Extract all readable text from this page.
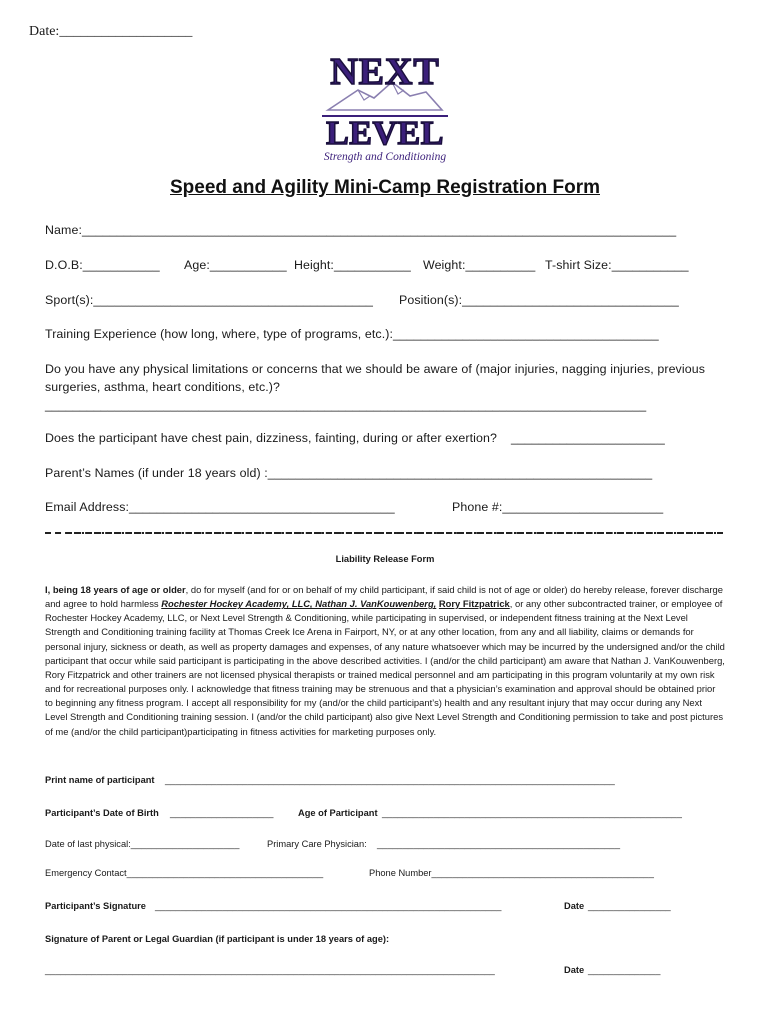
Date:___________________
NEXT
LEVEL
Strength and Conditioning
Speed and Agility Mini-Camp Registration Form
Name:_____________________________________________________________________________________
D.O.B:___________ Age:___________ Height:___________ Weight:__________ T-shirt Size:___________
Sport(s):________________________________________ Position(s):_______________________________
Training Experience (how long, where, type of programs, etc.):______________________________________
Do you have any physical limitations or concerns that we should be aware of (major injuries, nagging injuries, previous
surgeries, asthma, heart conditions, etc.)?
______________________________________________________________________________________
Does the participant have chest pain, dizziness, fainting, during or after exertion? ______________________
Parent’s Names (if under 18 years old) :_______________________________________________________
Email Address:______________________________________	Phone #:_______________________
Liability Release Form
I, being 18 years of age or older, do for myself (and for or on behalf of my child participant, if said child is not of age or older) do hereby release, forever discharge and agree to hold harmless Rochester Hockey Academy, LLC, Nathan J. VanKouwenberg, Rory Fitzpatrick, or any other subcontracted trainer, or employee of Rochester Hockey Academy, LLC, or Next Level Strength & Conditioning, while participating in supervised, or independent fitness training at the Next Level Strength and Conditioning training facility at Thomas Creek Ice Arena in Fairport, NY, or at any other location, from any and all liability, claims or demands for personal injury, sickness or death, as well as property damages and expenses, of any nature whatsoever which may be incurred by the undersigned and/or the child participant that occur while said participant is participating in the above described activities. I (and/or the child participant) am aware that Nathan J. VanKouwenberg, Rory Fitzpatrick and other trainers are not licensed physical therapists or trained medical personnel and am participating in this program voluntarily at my own risk and for recreational purposes only. I acknowledge that fitness training may be strenuous and that a physician’s examination and approval should be obtained prior to beginning any fitness program. I accept all responsibility for my (and/or the child participant’s) health and any resultant injury that may occur during any Next Level Strength and Conditioning training session. I (and/or the child participant) also give Next Level Strength and Conditioning permission to take and post pictures of me (and/or the child participant)participating in fitness activities for marketing purposes only.
Print name of participant _______________________________________________________________________________________
Participant’s Date of Birth ____________________	Age of Participant __________________________________________________________
Date of last physical:_____________________	Primary Care Physician: _______________________________________________
Emergency Contact______________________________________	Phone Number___________________________________________
Participant’s Signature ___________________________________________________________________	Date ________________
Signature of Parent or Legal Guardian (if participant is under 18 years of age):
_______________________________________________________________________________________	Date ______________
